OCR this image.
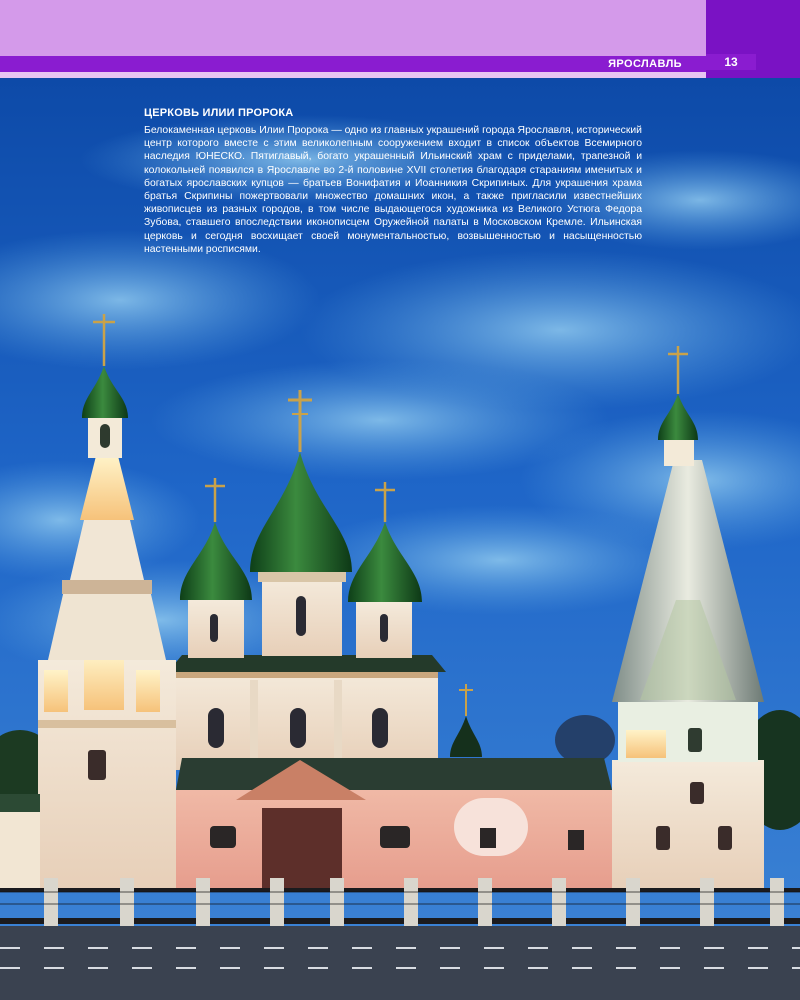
ЯРОСЛАВЛЬ	13
ЦЕРКОВЬ ИЛИИ ПРОРОКА
Белокаменная церковь Илии Пророка — одно из главных украшений города Ярославля, исторический центр которого вместе с этим великолепным сооружением входит в список объектов Всемирного наследия ЮНЕСКО. Пятиглавый, богато украшенный Ильинский храм с приделами, трапезной и колокольней появился в Ярославле во 2-й половине XVII столетия благодаря стараниям именитых и богатых ярославских купцов — братьев Вонифатия и Иоанникия Скрипиных. Для украшения храма братья Скрипины пожертвовали множество домашних икон, а также пригласили известнейших живописцев из разных городов, в том числе выдающегося художника из Великого Устюга Федора Зубова, ставшего впоследствии иконописцем Оружейной палаты в Московском Кремле. Ильинская церковь и сегодня восхищает своей монументальностью, возвышенностью и насыщенностью настенными росписями.
